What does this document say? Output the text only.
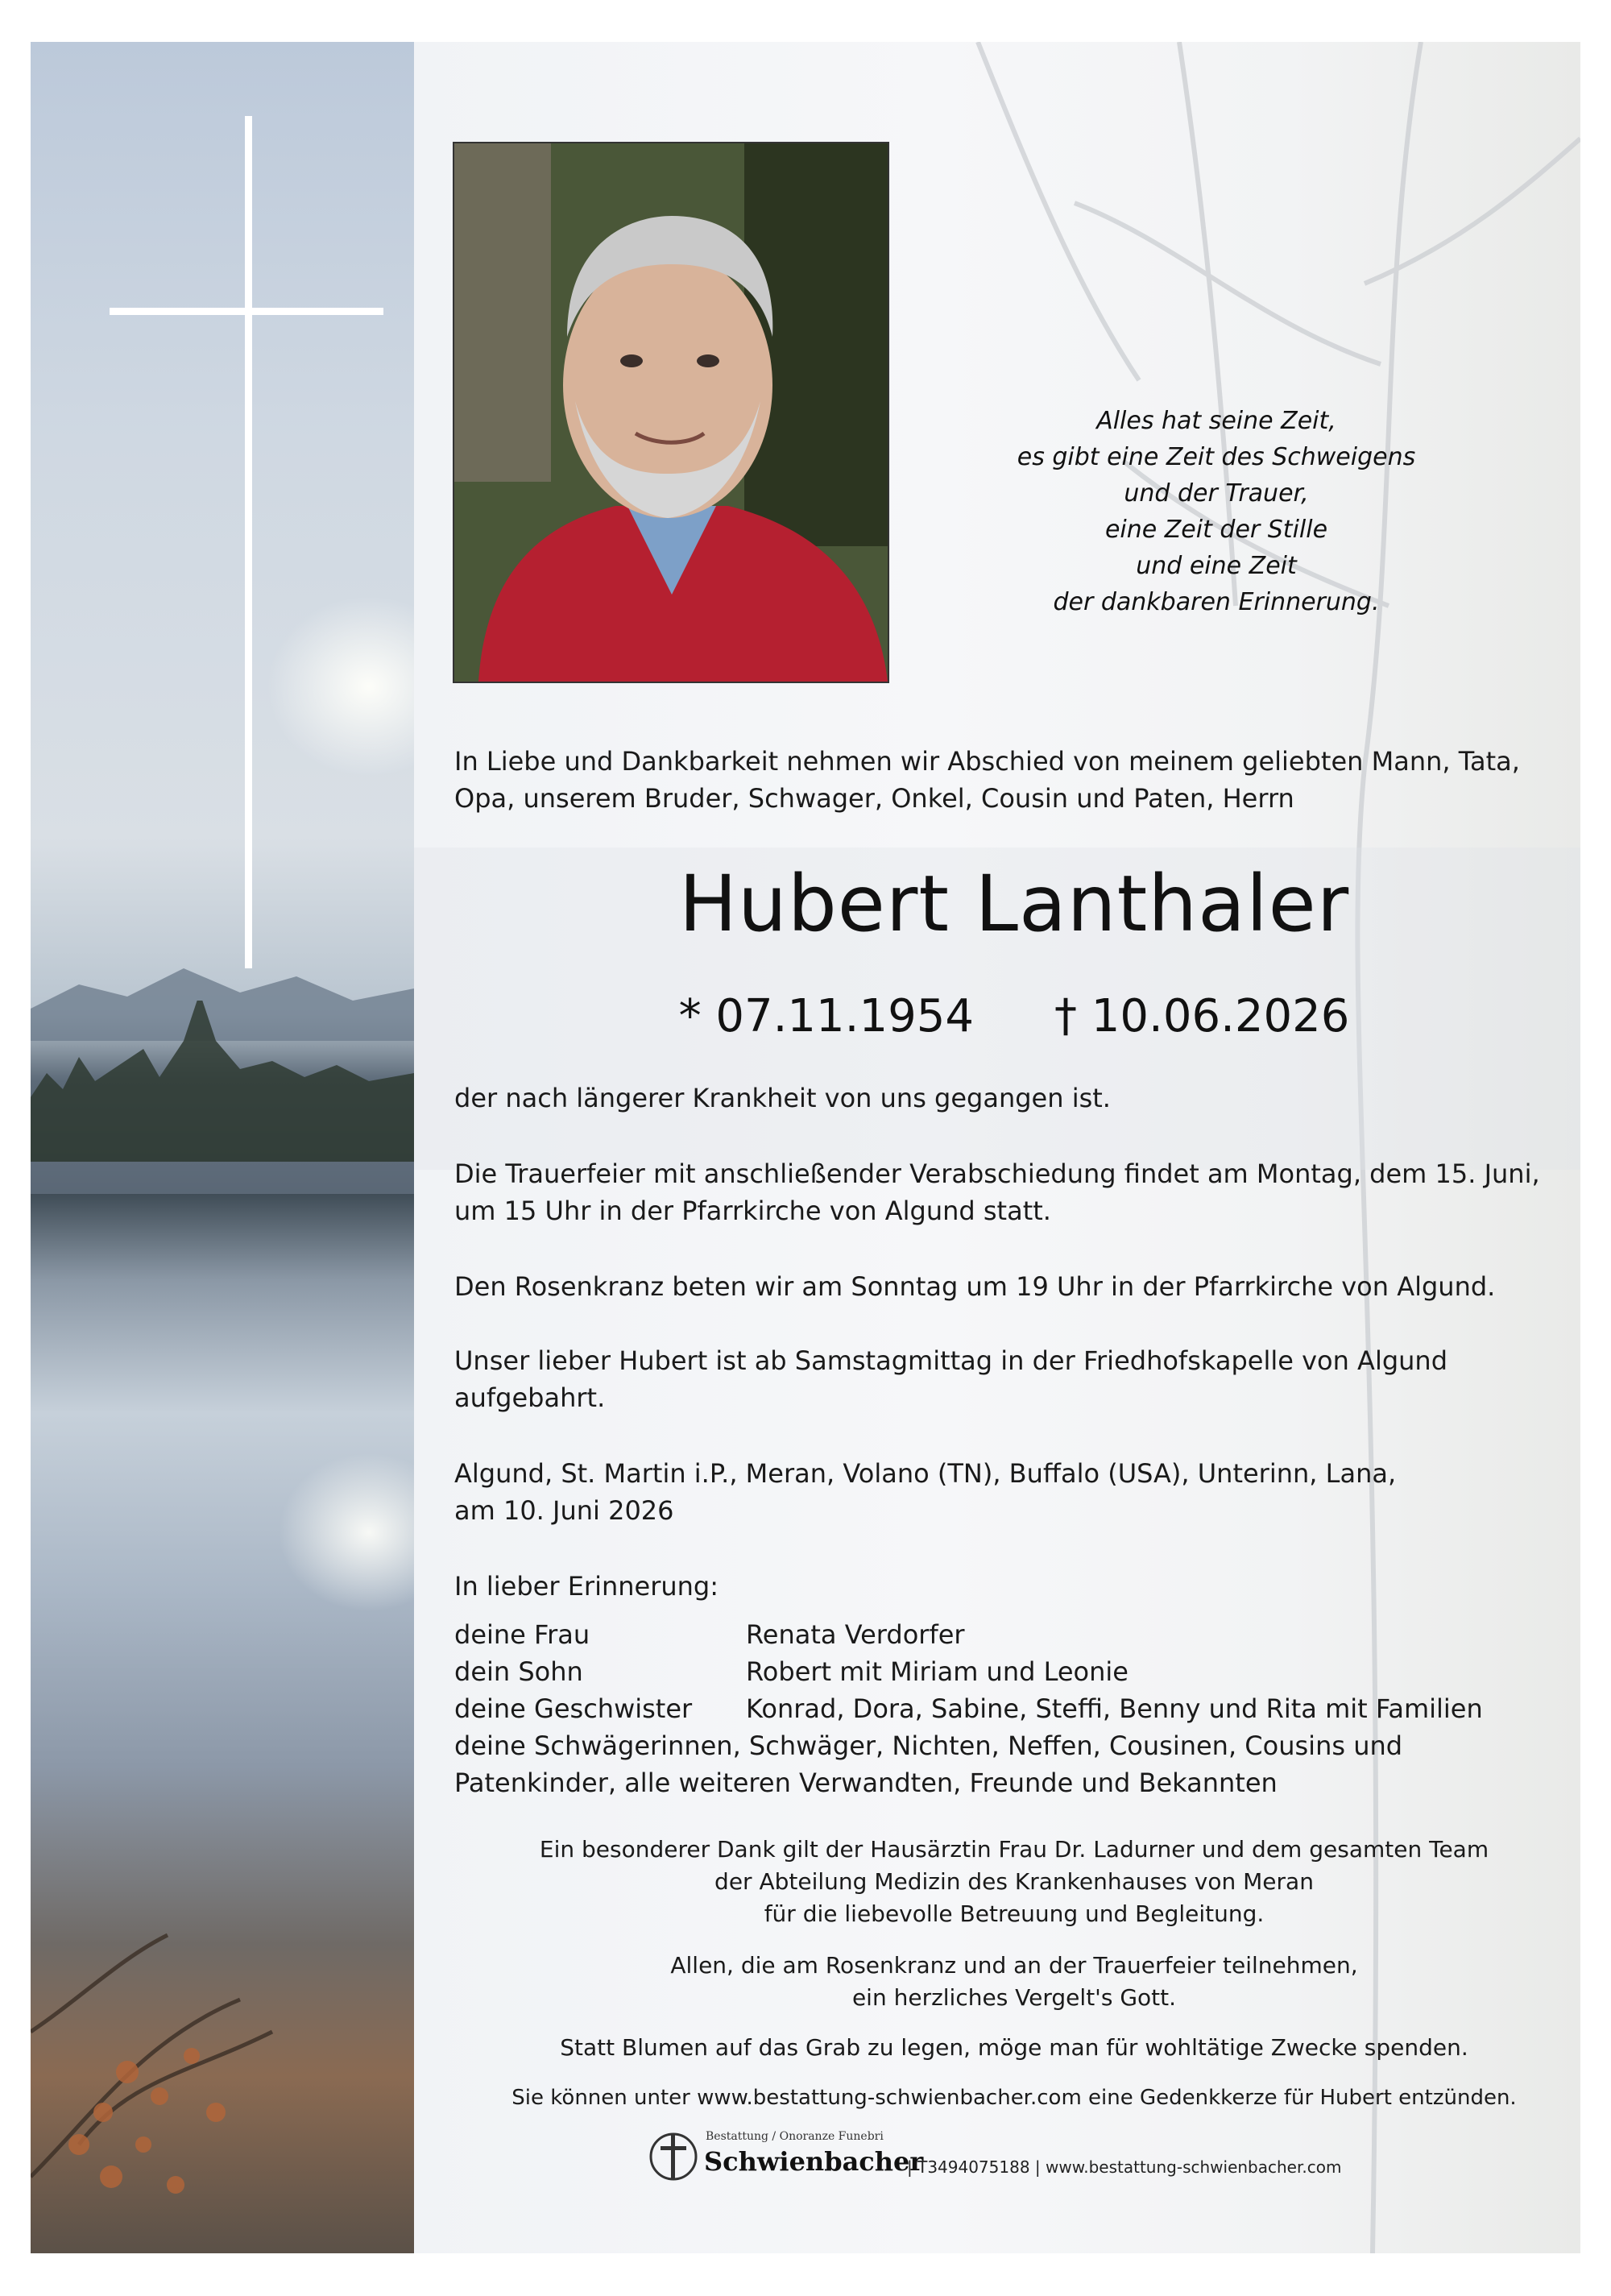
Alles hat seine Zeit,
es gibt eine Zeit des Schweigens
und der Trauer,
eine Zeit der Stille
und eine Zeit
der dankbaren Erinnerung.
In Liebe und Dankbarkeit nehmen wir Abschied von meinem geliebten Mann, Tata,
Opa, unserem Bruder, Schwager, Onkel, Cousin und Paten, Herrn
Hubert Lanthaler
* 07.11.1954 † 10.06.2026
der nach längerer Krankheit von uns gegangen ist.
Die Trauerfeier mit anschließender Verabschiedung findet am Montag, dem 15. Juni,
um 15 Uhr in der Pfarrkirche von Algund statt.
Den Rosenkranz beten wir am Sonntag um 19 Uhr in der Pfarrkirche von Algund.
Unser lieber Hubert ist ab Samstagmittag in der Friedhofskapelle von Algund
aufgebahrt.
Algund, St. Martin i.P., Meran, Volano (TN), Buffalo (USA), Unterinn, Lana,
am 10. Juni 2026
In lieber Erinnerung:
deine Frau	Renata Verdorfer
dein Sohn	Robert mit Miriam und Leonie
deine Geschwister Konrad, Dora, Sabine, Steffi, Benny und Rita mit Familien
deine Schwägerinnen, Schwäger, Nichten, Neffen, Cousinen, Cousins und
Patenkinder, alle weiteren Verwandten, Freunde und Bekannten
Ein besonderer Dank gilt der Hausärztin Frau Dr. Ladurner und dem gesamten Team
der Abteilung Medizin des Krankenhauses von Meran
für die liebevolle Betreuung und Begleitung.
Allen, die am Rosenkranz und an der Trauerfeier teilnehmen,
ein herzliches Vergelt's Gott.
Statt Blumen auf das Grab zu legen, möge man für wohltätige Zwecke spenden.
Sie können unter www.bestattung-schwienbacher.com eine Gedenkkerze für Hubert entzünden.
Bestattung / Onoranze Funebri
Schwienbacher
| T3494075188 | www.bestattung-schwienbacher.com
